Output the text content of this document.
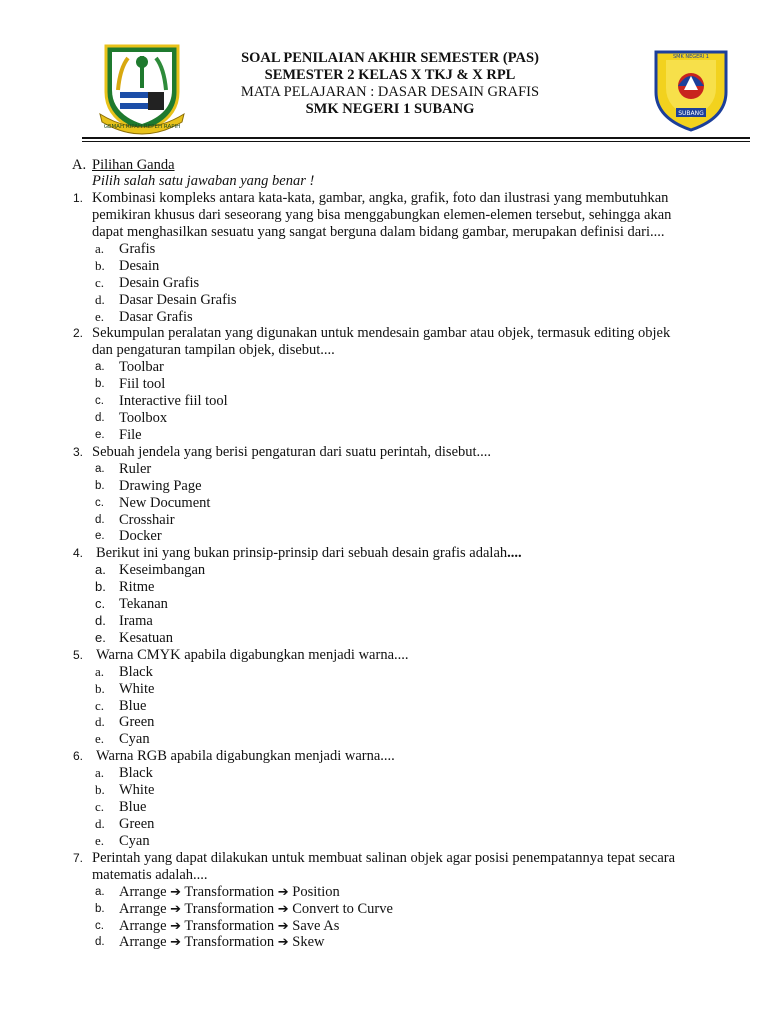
GEMAH RIPAH REPEH RAPIH
SOAL PENILAIAN AKHIR SEMESTER (PAS)
SEMESTER 2 KELAS X TKJ & X RPL
MATA PELAJARAN : DASAR DESAIN GRAFIS
SMK NEGERI 1 SUBANG
SMK NEGERI 1
SUBANG
A. Pilihan Ganda
Pilih salah satu jawaban yang benar !
1. Kombinasi kompleks antara kata-kata, gambar, angka, grafik, foto dan ilustrasi yang membutuhkan pemikiran khusus dari seseorang yang bisa menggabungkan elemen-elemen tersebut, sehingga akan dapat menghasilkan sesuatu yang sangat berguna dalam bidang gambar, merupakan definisi dari....
a. Grafis
b. Desain
c. Desain Grafis
d. Dasar Desain Grafis
e. Dasar Grafis
2. Sekumpulan peralatan yang digunakan untuk mendesain gambar atau objek, termasuk editing objek dan pengaturan tampilan objek, disebut....
a. Toolbar
b. Fiil tool
c. Interactive fiil tool
d. Toolbox
e. File
3. Sebuah jendela yang berisi pengaturan dari suatu perintah, disebut....
a. Ruler
b. Drawing Page
c. New Document
d. Crosshair
e. Docker
4. Berikut ini yang bukan prinsip-prinsip dari sebuah desain grafis adalah....
a. Keseimbangan
b. Ritme
c. Tekanan
d. Irama
e. Kesatuan
5. Warna CMYK apabila digabungkan menjadi warna....
a. Black
b. White
c. Blue
d. Green
e. Cyan
6. Warna RGB apabila digabungkan menjadi warna....
a. Black
b. White
c. Blue
d. Green
e. Cyan
7. Perintah yang dapat dilakukan untuk membuat salinan objek agar posisi penempatannya tepat secara matematis adalah....
a. Arrange ➔ Transformation ➔ Position
b. Arrange ➔ Transformation ➔ Convert to Curve
c. Arrange ➔ Transformation ➔ Save As
d. Arrange ➔ Transformation ➔ Skew
